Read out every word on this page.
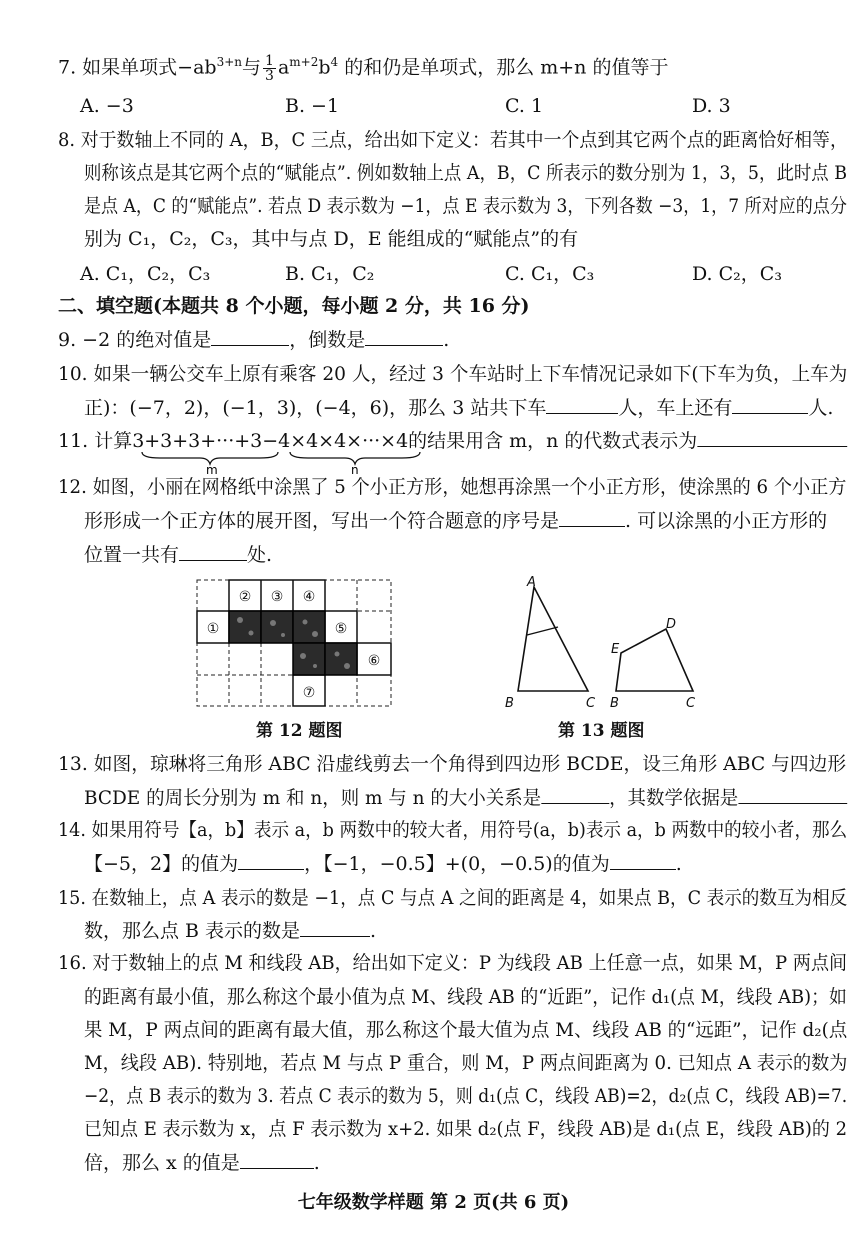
7. 如果单项式$-ab^{3+n}$与 $\frac{1}{3} a^{m+2}b^4$ 的和仍是单项式，那么 m+n 的值等于
A. −3	B. −1	C. 1	D. 3
8. 对于数轴上不同的 A，B，C 三点，给出如下定义：若其中一个点到其它两个点的距离恰好相等，
则称该点是其它两个点的“赋能点”. 例如数轴上点 A，B，C 所表示的数分别为 1，3，5，此时点 B
是点 A，C 的“赋能点”. 若点 D 表示数为 −1，点 E 表示数为 3，下列各数 −3，1，7 所对应的点分
别为 C₁，C₂，C₃，其中与点 D，E 能组成的“赋能点”的有
A. C₁，C₂，C₃	B. C₁，C₂	C. C₁，C₃	D. C₂，C₃
二、填空题(本题共 8 个小题，每小题 2 分，共 16 分)
9. −2 的绝对值是	，倒数是	.
10. 如果一辆公交车上原有乘客 20 人，经过 3 个车站时上下车情况记录如下(下车为负，上车为
正)：(−7，2)，(−1，3)，(−4，6)，那么 3 站共下车	人，车上还有	人.
11. 计算3+3+3+···+3−4×4×4×···×4的结果用含 m，n 的代数式表示为
m	n
12. 如图，小丽在网格纸中涂黑了 5 个小正方形，她想再涂黑一个小正方形，使涂黑的 6 个小正方
形形成一个正方体的展开图，写出一个符合题意的序号是	. 可以涂黑的小正方形的
位置一共有	处.
①
② ③ ④
⑤
⑥
⑦
第 12 题图
A
B	C
E
D
B	C
第 13 题图
13. 如图，琼琳将三角形 ABC 沿虚线剪去一个角得到四边形 BCDE，设三角形 ABC 与四边形
BCDE 的周长分别为 m 和 n，则 m 与 n 的大小关系是	，其数学依据是
14. 如果用符号【a，b】表示 a，b 两数中的较大者，用符号(a，b)表示 a，b 两数中的较小者，那么
【−5，2】的值为	，【−1，−0.5】+(0，−0.5)的值为	.
15. 在数轴上，点 A 表示的数是 −1，点 C 与点 A 之间的距离是 4，如果点 B，C 表示的数互为相反
数，那么点 B 表示的数是	.
16. 对于数轴上的点 M 和线段 AB，给出如下定义：P 为线段 AB 上任意一点，如果 M，P 两点间
的距离有最小值，那么称这个最小值为点 M、线段 AB 的“近距”，记作 d₁(点 M，线段 AB)；如
果 M，P 两点间的距离有最大值，那么称这个最大值为点 M、线段 AB 的“远距”，记作 d₂(点
M，线段 AB). 特别地，若点 M 与点 P 重合，则 M，P 两点间距离为 0. 已知点 A 表示的数为
−2，点 B 表示的数为 3. 若点 C 表示的数为 5，则 d₁(点 C，线段 AB)=2，d₂(点 C，线段 AB)=7.
已知点 E 表示数为 x，点 F 表示数为 x+2. 如果 d₂(点 F，线段 AB)是 d₁(点 E，线段 AB)的 2
倍，那么 x 的值是	.
七年级数学样题 第 2 页(共 6 页)
